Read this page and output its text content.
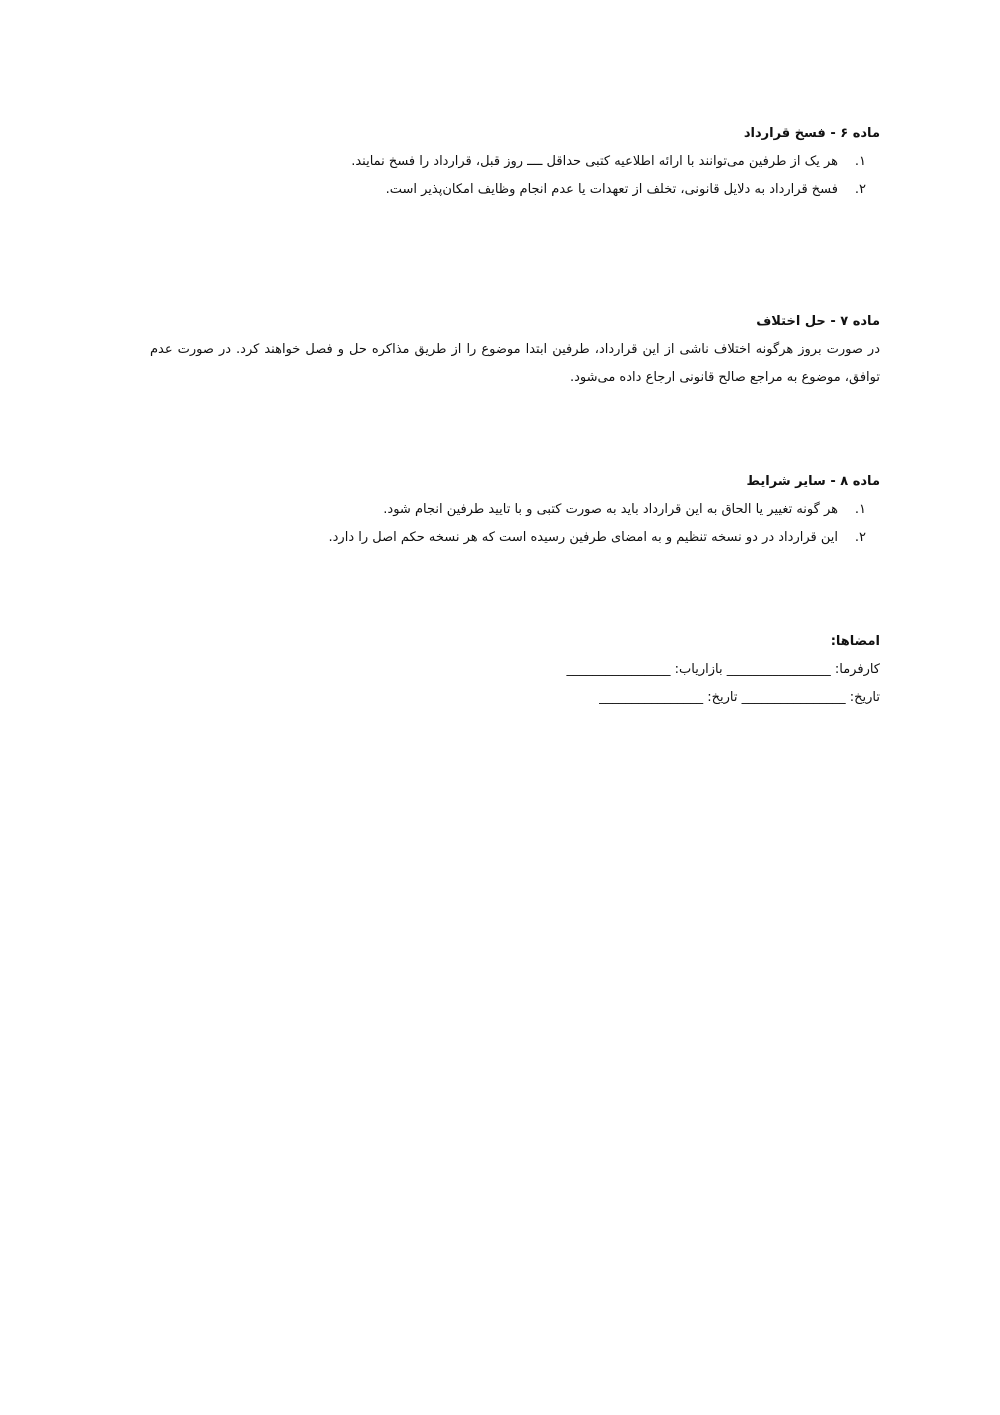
ماده ۶ - فسخ قرارداد
۱.
هر یک از طرفین می‌توانند با ارائه اطلاعیه کتبی حداقل ــــ روز قبل، قرارداد را فسخ نمایند.
۲.
فسخ قرارداد به دلایل قانونی، تخلف از تعهدات یا عدم انجام وظایف امکان‌پذیر است.
ماده ۷ - حل اختلاف

در صورت بروز هرگونه اختلاف ناشی از این قرارداد، طرفین ابتدا موضوع را از طریق مذاکره حل و فصل خواهند کرد. در صورت عدم توافق، موضوع به مراجع صالح قانونی ارجاع داده می‌شود.

ماده ۸ - سایر شرایط
۱.
هر گونه تغییر یا الحاق به این قرارداد باید به صورت کتبی و با تایید طرفین انجام شود.
۲.
این قرارداد در دو نسخه تنظیم و به امضای طرفین رسیده است که هر نسخه حکم اصل را دارد.
امضاها:
کارفرما: ________________ بازاریاب: ________________
تاریخ: ________________ تاریخ: ________________
